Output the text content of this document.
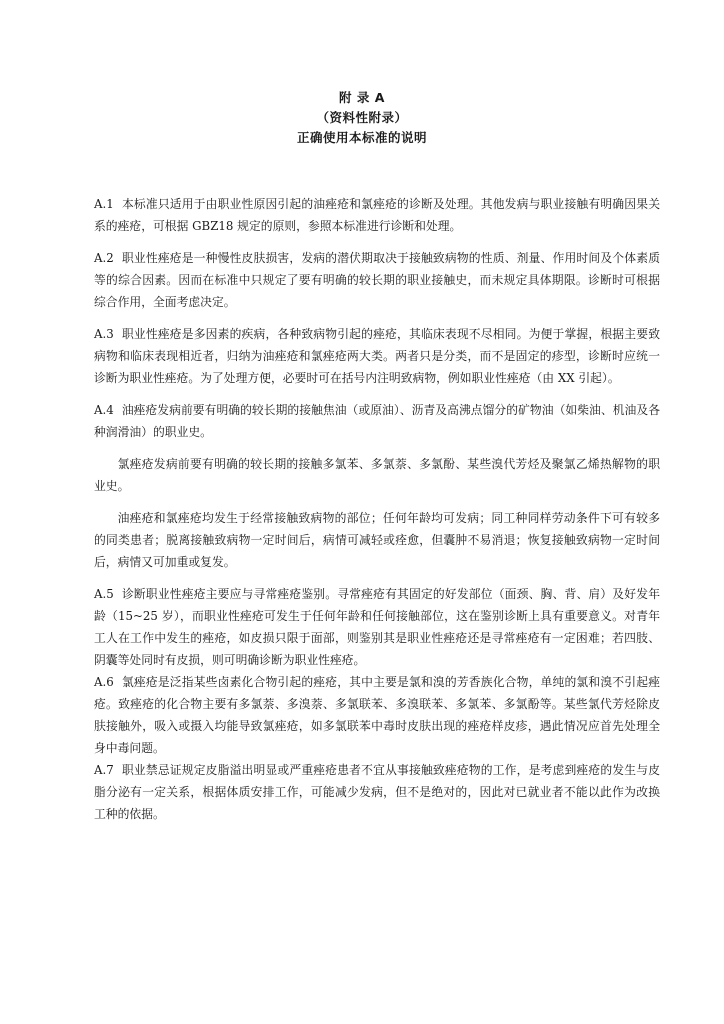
附 录 A
（资料性附录）
正确使用本标准的说明

A.1 本标准只适用于由职业性原因引起的油痤疮和氯痤疮的诊断及处理。其他发病与职业接触有明确因果关系的痤疮，可根据 GBZ18 规定的原则，参照本标准进行诊断和处理。

A.2 职业性痤疮是一种慢性皮肤损害，发病的潜伏期取决于接触致病物的性质、剂量、作用时间及个体素质等的综合因素。因而在标准中只规定了要有明确的较长期的职业接触史，而未规定具体期限。诊断时可根据综合作用，全面考虑决定。

A.3 职业性痤疮是多因素的疾病，各种致病物引起的痤疮，其临床表现不尽相同。为便于掌握，根据主要致病物和临床表现相近者，归纳为油痤疮和氯痤疮两大类。两者只是分类，而不是固定的疹型，诊断时应统一诊断为职业性痤疮。为了处理方便，必要时可在括号内注明致病物，例如职业性痤疮（由 XX 引起）。

A.4 油痤疮发病前要有明确的较长期的接触焦油（或原油）、沥青及高沸点馏分的矿物油（如柴油、机油及各种润滑油）的职业史。

氯痤疮发病前要有明确的较长期的接触多氯苯、多氯萘、多氯酚、某些溴代芳烃及聚氯乙烯热解物的职业史。

油痤疮和氯痤疮均发生于经常接触致病物的部位；任何年龄均可发病；同工种同样劳动条件下可有较多的同类患者；脱离接触致病物一定时间后，病情可减轻或痊愈，但囊肿不易消退；恢复接触致病物一定时间后，病情又可加重或复发。

A.5 诊断职业性痤疮主要应与寻常痤疮鉴别。寻常痤疮有其固定的好发部位（面颈、胸、背、肩）及好发年龄（15~25 岁），而职业性痤疮可发生于任何年龄和任何接触部位，这在鉴别诊断上具有重要意义。对青年工人在工作中发生的痤疮，如皮损只限于面部，则鉴别其是职业性痤疮还是寻常痤疮有一定困难；若四肢、阴囊等处同时有皮损，则可明确诊断为职业性痤疮。

A.6 氯痤疮是泛指某些卤素化合物引起的痤疮，其中主要是氯和溴的芳香族化合物，单纯的氯和溴不引起痤疮。致痤疮的化合物主要有多氯萘、多溴萘、多氯联苯、多溴联苯、多氯苯、多氯酚等。某些氯代芳烃除皮肤接触外，吸入或摄入均能导致氯痤疮，如多氯联苯中毒时皮肤出现的痤疮样皮疹，遇此情况应首先处理全身中毒问题。

A.7 职业禁忌证规定皮脂溢出明显或严重痤疮患者不宜从事接触致痤疮物的工作，是考虑到痤疮的发生与皮脂分泌有一定关系，根据体质安排工作，可能减少发病，但不是绝对的，因此对已就业者不能以此作为改换工种的依据。
